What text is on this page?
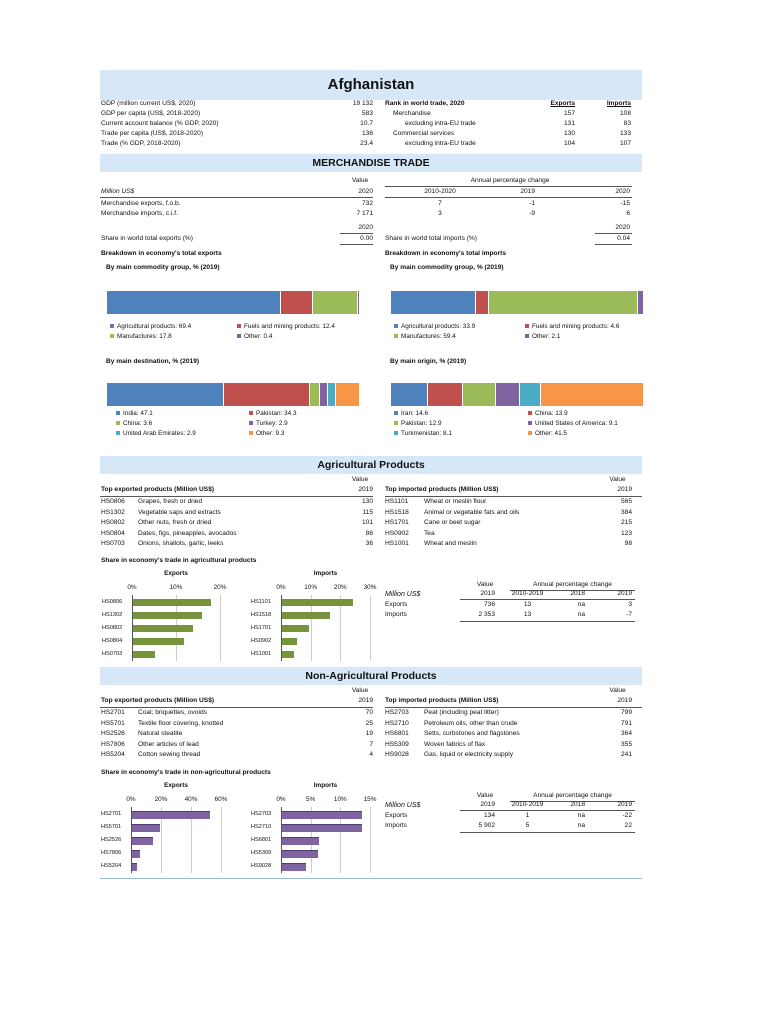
Afghanistan
GDP (million current US$, 2020)	19 132
GDP per capita (US$, 2018-2020)	583
Current account balance (% GDP, 2020)	10.7
Trade per capita (US$, 2018-2020)	136
Trade (% GDP, 2018-2020)	23.4
Merchandise	157	108
excluding intra-EU trade	131	83
Commercial services	130	133
excluding intra-EU trade	104	107
Rank in world trade, 2020	Exports	Imports
MERCHANDISE TRADE
Value	Annual percentage change
Million US$	2020	2010-2020	2019	2020
Merchandise exports, f.o.b.	732	7	-1	-15
Merchandise imports, c.i.f.	7 171	3	-9	6
2020	2020
Share in world total exports (%)	0.00 Share in world total imports (%)	0.04
Breakdown in economy's total exports	Breakdown in economy's total imports
By main commodity group, % (2019)	By main commodity group, % (2019)
Agricultural products: 69.4	Fuels and mining products: 12.4
Manufactures: 17.8	Other: 0.4
Agricultural products: 33.9	Fuels and mining products: 4.6
Manufactures: 59.4	Other: 2.1
By main destination, % (2019)	By main origin, % (2019)
India: 47.1	Pakistan: 34.3
China: 3.6	Turkey: 2.9
United Arab Emirates: 2.9	Other: 9.3
Iran: 14.6	China: 13.9
Pakistan: 12.9	United States of America: 9.1
Turkmenistan: 8.1	Other: 41.5
Agricultural Products
Value	Value
Top exported products (Million US$)	2019 Top imported products (Million US$)	2019
HS0806 Grapes, fresh or dried	130
HS1302 Vegetable saps and extracts	115
HS0802 Other nuts, fresh or dried	101
HS0804 Dates, figs, pineapples, avocados	86
HS0703 Onions, shallots, garlic, leeks	36
HS1101 Wheat or meslin flour	565
HS1518 Animal or vegetable fats and oils	384
HS1701 Cane or beet sugar	215
HS0902 Tea	123
HS1001 Wheat and meslin	98
Share in economy's trade in agricultural products
Exports
0%	10%	20%
HS0806
HS1302
HS0802
HS0804
HS0703
Imports
0%	10%	20%	30%
HS1101
HS1518
HS1701
HS0902
HS1001
Value	Annual percentage change
Million US$	2019	2010-2019	2018	2019
Exports	736	13	na	3
Imports	2 353	13	na	-7
Non-Agricultural Products
Value	Value
Top exported products (Million US$)	2019 Top imported products (Million US$)	2019
HS2701 Coal; briquettes, ovoids	70
HS5701 Textile floor covering, knotted	25
HS2526 Natural steatite	19
HS7806 Other articles of lead	7
HS5204 Cotton sewing thread	4
HS2703 Peat (including peat litter)	799
HS2710 Petroleum oils, other than crude	791
HS6801 Setts, curbstones and flagstones	364
HS5309 Woven fabrics of flax	355
HS9028 Gas, liquid or electricity supply	241
Share in economy's trade in non-agricultural products
Exports
0%	20%	40%	60%
HS2701
HS5701
HS2526
HS7806
HS5204
Imports
0%	5%	10%	15%
HS2703
HS2710
HS6801
HS5309
HS9028
Value	Annual percentage change
Million US$	2019	2010-2019	2018	2019
Exports	134	1	na	-22
Imports	5 902	5	na	22
